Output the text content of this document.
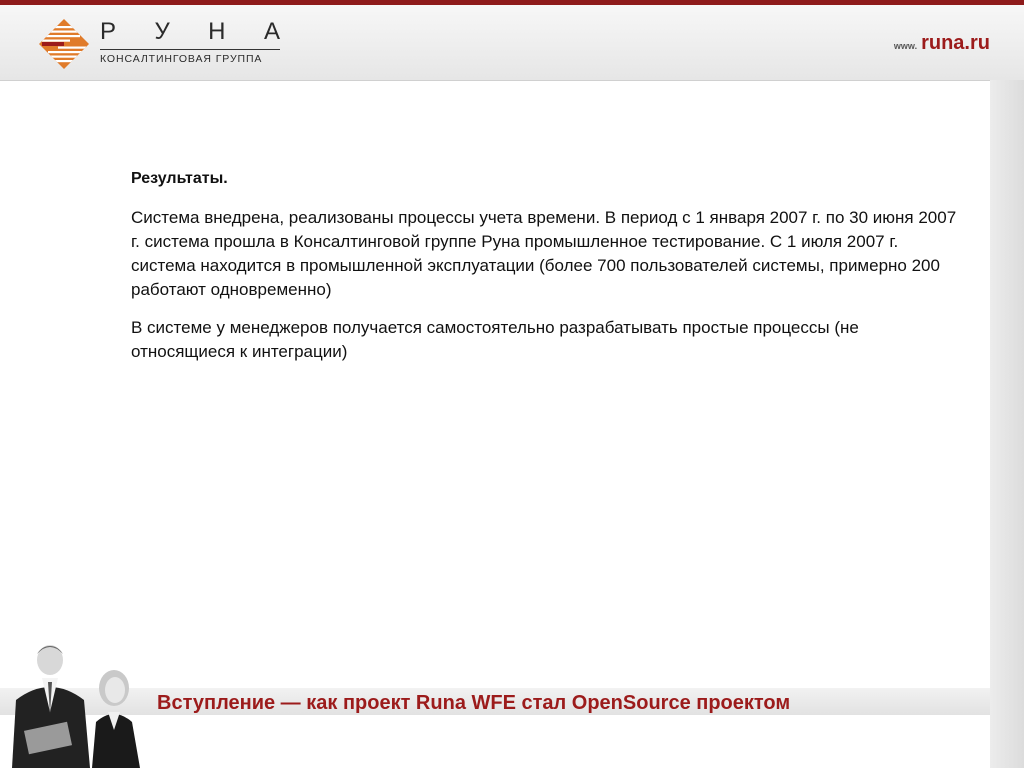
Р У Н А
КОНСАЛТИНГОВАЯ ГРУППА
www. runa.ru
Результаты.

Система внедрена, реализованы процессы учета времени. В период с 1 января 2007 г. по 30 июня 2007 г. система прошла в Консалтинговой группе Руна промышленное тестирование. С 1 июля 2007 г. система находится в промышленной эксплуатации (более 700 пользователей системы, примерно 200 работают одновременно)

В системе у менеджеров получается самостоятельно разрабатывать простые процессы (не относящиеся к интеграции)

Вступление — как проект Runa WFE стал OpenSource проектом
